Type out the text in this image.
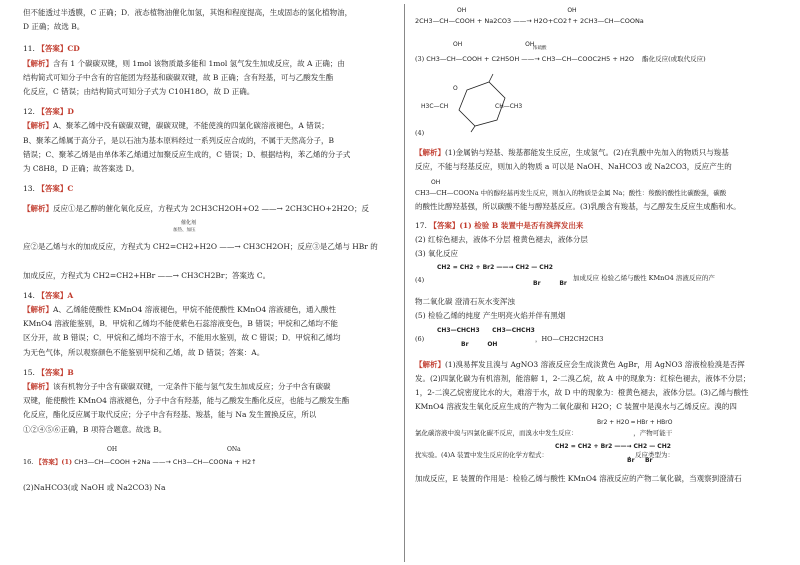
但不能透过半透膜，C 正确；D．液态植物油催化加氢，其饱和程度提高，生成固态的氢化植物油，
D 正确；故选 B。
11. 【答案】CD
【解析】含有 1 个碳碳双键，则 1mol 该物质最多能和 1mol 氢气发生加成反应，故 A 正确；由
结构简式可知分子中含有的官能团为羟基和碳碳双键，故 B 正确；含有羟基，可与乙酸发生酯
化反应，C 错误；由结构简式可知分子式为 C10H18O，故 D 正确。
12. 【答案】D
【解析】A、聚苯乙烯中没有碳碳双键，碳碳双键，不能使溴的四氯化碳溶液褪色，A 错误；
B、聚苯乙烯属于高分子，是以石油为基本原料经过一系列反应合成的，不属于天然高分子，B
错误；C、聚苯乙烯是由单体苯乙烯通过加聚反应生成的，C 错误；D、根据结构，苯乙烯的分子式
为 C8H8，D 正确；故答案选 D。
13. 【答案】C
【解析】反应①是乙醇的催化氧化反应，方程式为 2CH3CH2OH+O2 ——→ 2CH3CHO+2H2O；反
催化剂
加热、加压
应②是乙烯与水的加成反应，方程式为 CH2=CH2+H2O ——→ CH3CH2OH；反应③是乙烯与 HBr 的
加成反应，方程式为 CH2=CH2+HBr ——→ CH3CH2Br；答案选 C。
14. 【答案】A
【解析】A、乙烯能使酸性 KMnO4 溶液褪色，甲烷不能使酸性 KMnO4 溶液褪色，通入酸性
KMnO4 溶液能鉴别，B．甲烷和乙烯均不能使紫色石蕊溶液变色，B 错误；甲烷和乙烯均不能
区分开，故 B 错误；C．甲烷和乙烯均不溶于水，不能用水鉴别，故 C 错误；D．甲烷和乙烯均
为无色气体，所以观察颜色不能鉴别甲烷和乙烯，故 D 错误；答案：A。
15. 【答案】B
【解析】该有机物分子中含有碳碳双键，一定条件下能与氢气发生加成反应；分子中含有碳碳
双键，能使酸性 KMnO4 溶液褪色，分子中含有羟基，能与乙酸发生酯化反应，也能与乙酸发生酯
化反应，酯化反应属于取代反应；分子中含有羟基、羧基，能与 Na 发生置换反应，所以
①②④⑤⑥正确，B 项符合题意。故选 B。
OH	ONa
16. 【答案】(1) CH3—CH—COOH +2Na ——→ CH3—CH—COONa + H2↑
(2)NaHCO3(或 NaOH 或 Na2CO3) Na
OH                                                     OH
2CH3—CH—COOH + Na2CO3 ——→ H2O+CO2↑+ 2CH3—CH—COONa
OH                                 OH
浓硫酸
(3) CH3—CH—COOH + C2H5OH ——→ CH3—CH—COOC2H5 + H2O 酯化反应(或取代反应)
O
H3C—CH	CH—CH3
(4)
【解析】(1)金属钠与羟基、羧基都能发生反应，生成氢气。(2)在乳酸中先加入的物质只与羧基
反应，不能与羟基反应，则加入的物质 a 可以是 NaOH、NaHCO3 或 Na2CO3，反应产生的
OH
CH3—CH—COONa 中的醇羟基再发生反应，则加入的物质是金属 Na；酸性：羧酸的酸性比碳酸强，碳酸
的酸性比醇羟基强，所以碳酸不能与醇羟基反应。(3)乳酸含有羧基，与乙醇发生反应生成酯和水。
17. 【答案】(1) 检验 B 装置中是否有溴挥发出来
(2) 红棕色褪去，液体不分层 橙黄色褪去，液体分层
(3) 氧化反应
CH2 = CH2 + Br2 ——→ CH2 — CH2
Br         Br
(4)	加成反应 检验乙烯与酸性 KMnO4 溶液反应的产
物二氧化碳 澄清石灰水变浑浊
(5) 检验乙烯的纯度 产生明亮火焰并伴有黑烟
CH3—CHCH3      CH3—CHCH3
Br         OH
(6)	，HO—CH2CH2CH3
【解析】(1)溴易挥发且溴与 AgNO3 溶液反应会生成淡黄色 AgBr，用 AgNO3 溶液检验溴是否挥
发。(2)四氯化碳为有机溶剂，能溶解 1，2-二溴乙烷，故 A 中的现象为：红棕色褪去，液体不分层；
1，2-二溴乙烷密度比水的大，难溶于水，故 D 中的现象为：橙黄色褪去，液体分层。(3)乙烯与酸性
KMnO4 溶液发生氧化反应生成的产物为二氧化碳和 H2O；C 装置中是溴水与乙烯反应。溴的四
Br2 + H2O ═ HBr + HBrO
氯化碳溶液中溴与四氯化碳不反应，而溴水中发生反应：                           ，产物可能干
CH2 = CH2 + Br2 ——→ CH2 — CH2
Br     Br
扰实验。(4)A 装置中发生反应的化学方程式：                                       ，反应类型为：
加成反应，E 装置的作用是：检验乙烯与酸性 KMnO4 溶液反应的产物二氧化碳，当观察到澄清石
